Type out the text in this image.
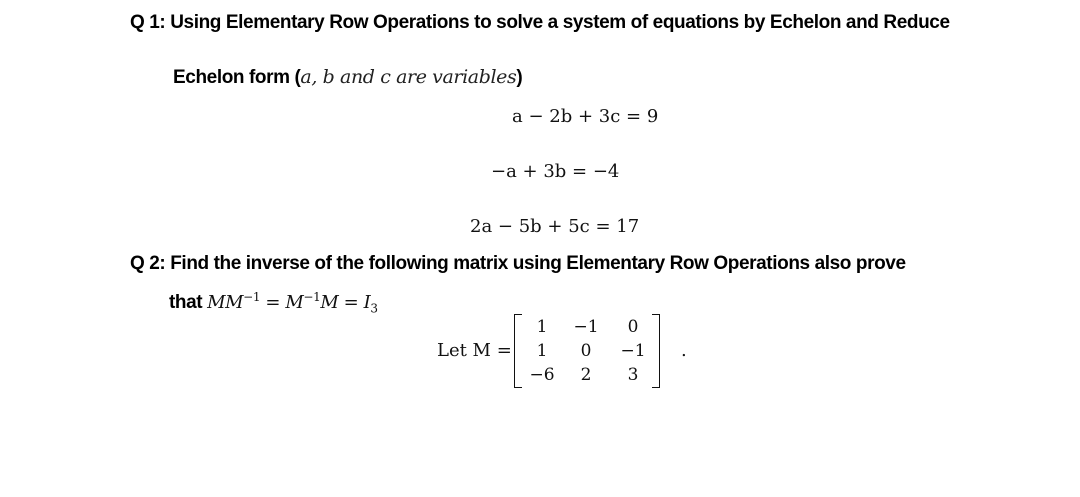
Q 1: Using Elementary Row Operations to solve a system of equations by Echelon and Reduce
Echelon form (a, b and c are variables)
a − 2b + 3c = 9
−a + 3b = −4
2a − 5b + 5c = 17
Q 2: Find the inverse of the following matrix using Elementary Row Operations also prove
that $MM^{-1} = M^{-1}M = I_3$
Let M =
1	−1	0
1	0	−1
−6	2	3
.
